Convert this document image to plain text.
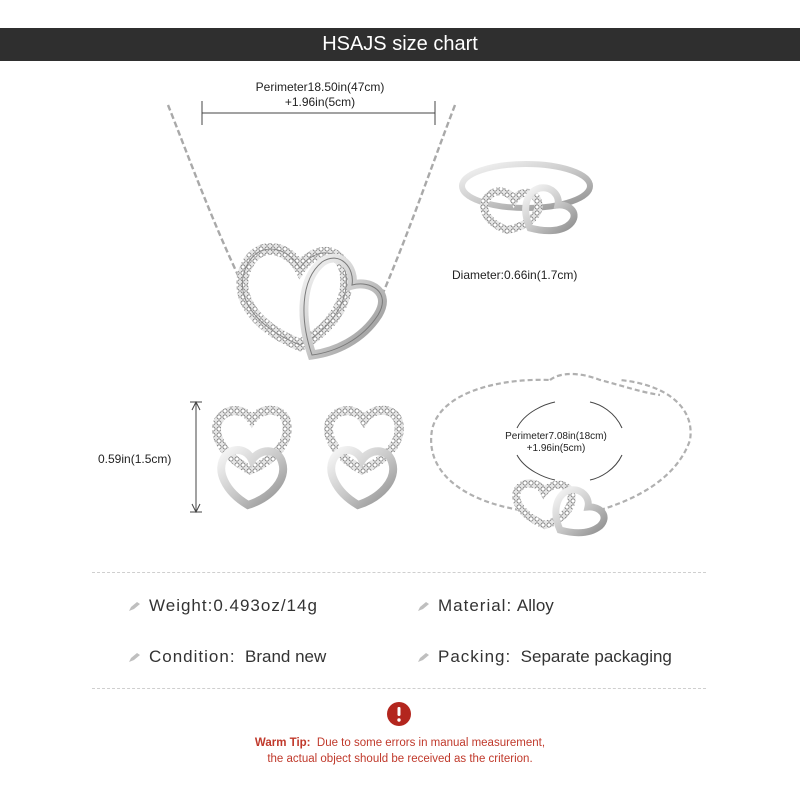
HSAJS size chart
Perimeter18.50in(47cm)
+1.96in(5cm)
Diameter:0.66in(1.7cm)
0.59in(1.5cm)
Perimeter7.08in(18cm)
+1.96in(5cm)
Weight: 0.493oz/14g	Material:
Alloy
Condition:
Brand new	Packing:
Separate packaging
Warm Tip: Due to some errors in manual measurement,
the actual object should be received as the criterion.
